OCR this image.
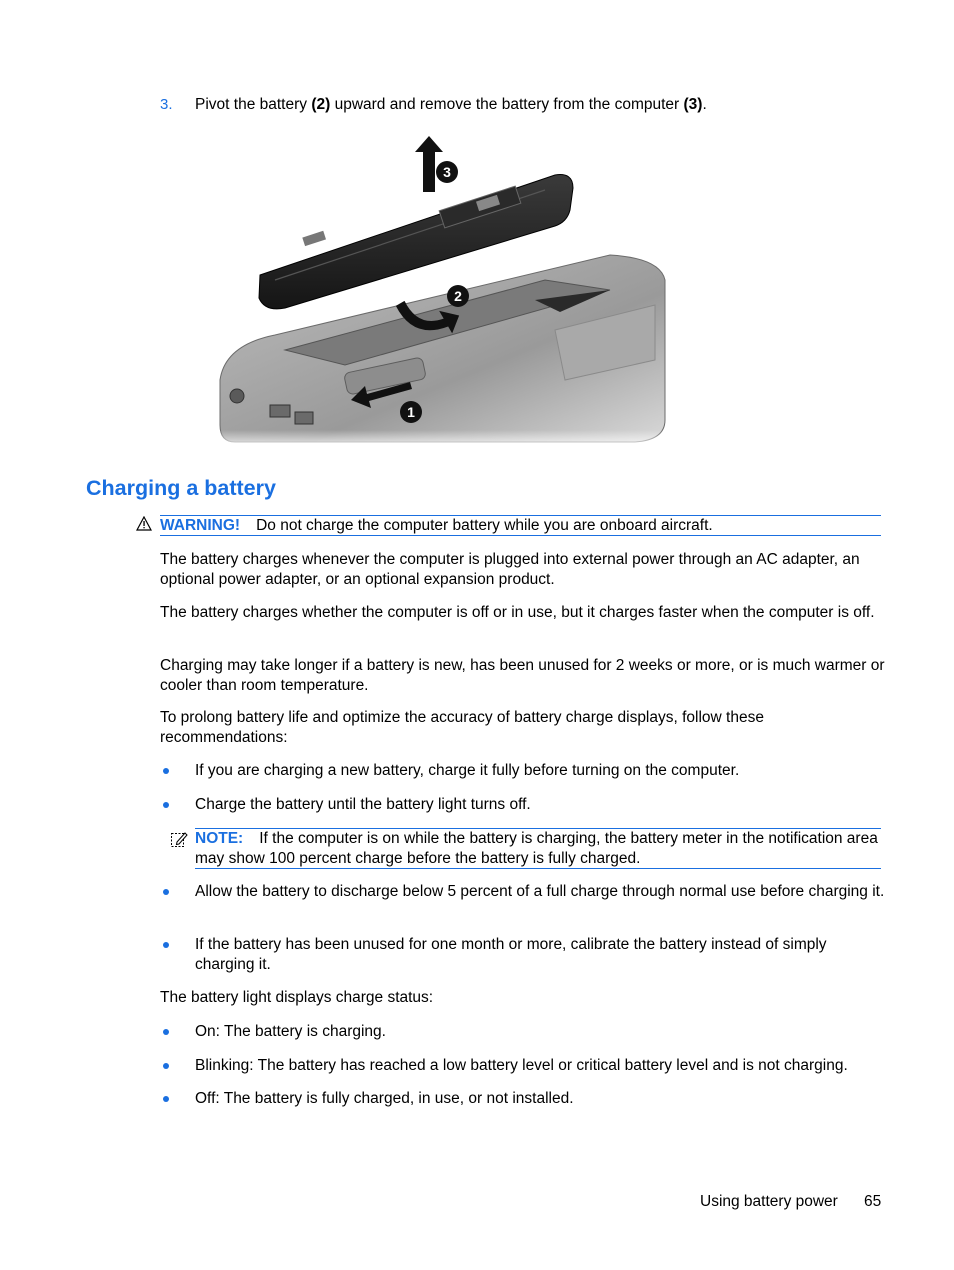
3. Pivot the battery (2) upward and remove the battery from the computer (3).
3
2
1
Charging a battery
WARNING! Do not charge the computer battery while you are onboard aircraft.
The battery charges whenever the computer is plugged into external power through an AC adapter, an optional power adapter, or an optional expansion product.
The battery charges whether the computer is off or in use, but it charges faster when the computer is off.
Charging may take longer if a battery is new, has been unused for 2 weeks or more, or is much warmer or cooler than room temperature.
To prolong battery life and optimize the accuracy of battery charge displays, follow these recommendations:
If you are charging a new battery, charge it fully before turning on the computer.
Charge the battery until the battery light turns off.
NOTE: If the computer is on while the battery is charging, the battery meter in the notification area may show 100 percent charge before the battery is fully charged.
Allow the battery to discharge below 5 percent of a full charge through normal use before charging it.
If the battery has been unused for one month or more, calibrate the battery instead of simply charging it.
The battery light displays charge status:
On: The battery is charging.
Blinking: The battery has reached a low battery level or critical battery level and is not charging.
Off: The battery is fully charged, in use, or not installed.
Using battery power 65
